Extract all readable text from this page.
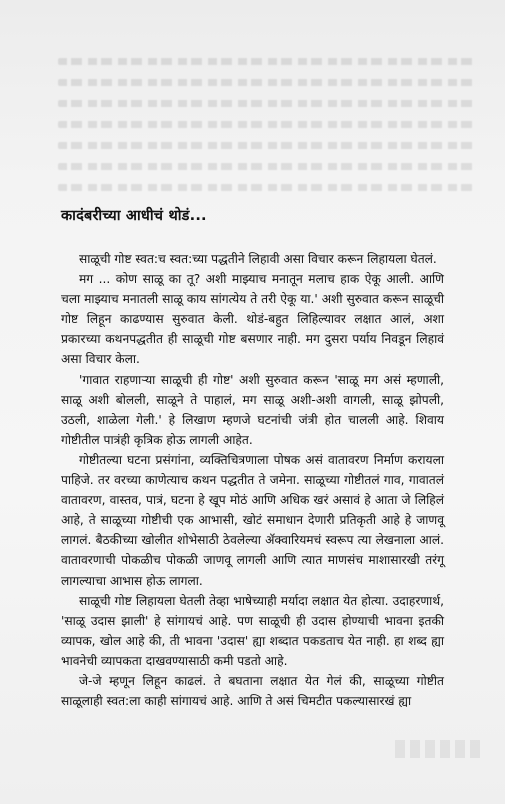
कादंबरीच्या आधीचं थोडं...

साळूची गोष्ट स्वत:च स्वत:च्या पद्धतीने लिहावी असा विचार करून लिहायला घेतलं.

मग ... कोण साळू का तू? अशी माझ्याच मनातून मलाच हाक ऐकू आली. आणि चला माझ्याच मनातली साळू काय सांगत्येय ते तरी ऐकू या.' अशी सुरुवात करून साळूची गोष्ट लिहून काढण्यास सुरुवात केली. थोडं-बहुत लिहिल्यावर लक्षात आलं, अशा प्रकारच्या कथनपद्धतीत ही साळूची गोष्ट बसणार नाही. मग दुसरा पर्याय निवडून लिहावं असा विचार केला.

'गावात राहणाऱ्या साळूची ही गोष्ट' अशी सुरुवात करून 'साळू मग असं म्हणाली, साळू अशी बोलली, साळूने ते पाहालं, मग साळू अशी-अशी वागली, साळू झोपली, उठली, शाळेला गेली.' हे लिखाण म्हणजे घटनांची जंत्री होत चालली आहे. शिवाय गोष्टीतील पात्रंही कृत्रिक होऊ लागली आहेत.

गोष्टीतल्या घटना प्रसंगांना, व्यक्तिचित्रणाला पोषक असं वातावरण निर्माण करायला पाहिजे. तर वरच्या काणेत्याच कथन पद्धतीत ते जमेना. साळूच्या गोष्टीतलं गाव, गावातलं वातावरण, वास्तव, पात्रं, घटना हे खूप मोठं आणि अधिक खरं असावं हे आता जे लिहिलं आहे, ते साळूच्या गोष्टीची एक आभासी, खोटं समाधान देणारी प्रतिकृती आहे हे जाणवू लागलं. बैठकीच्या खोलीत शोभेसाठी ठेवलेल्या ॲक्वारियमचं स्वरूप त्या लेखनाला आलं. वातावरणाची पोकळीच पोकळी जाणवू लागली आणि त्यात माणसंच माशासारखी तरंगू लागल्याचा आभास होऊ लागला.

साळूची गोष्ट लिहायला घेतली तेव्हा भाषेच्याही मर्यादा लक्षात येत होत्या. उदाहरणार्थ, 'साळू उदास झाली' हे सांगायचं आहे. पण साळूची ही उदास होण्याची भावना इतकी व्यापक, खोल आहे की, ती भावना 'उदास' ह्या शब्दात पकडताच येत नाही. हा शब्द ह्या भावनेची व्यापकता दाखवण्यासाठी कमी पडतो आहे.

जे-जे म्हणून लिहून काढलं. ते बघताना लक्षात येत गेलं की, साळूच्या गोष्टीत साळूलाही स्वत:ला काही सांगायचं आहे. आणि ते असं चिमटीत पकल्यासारखं ह्या
